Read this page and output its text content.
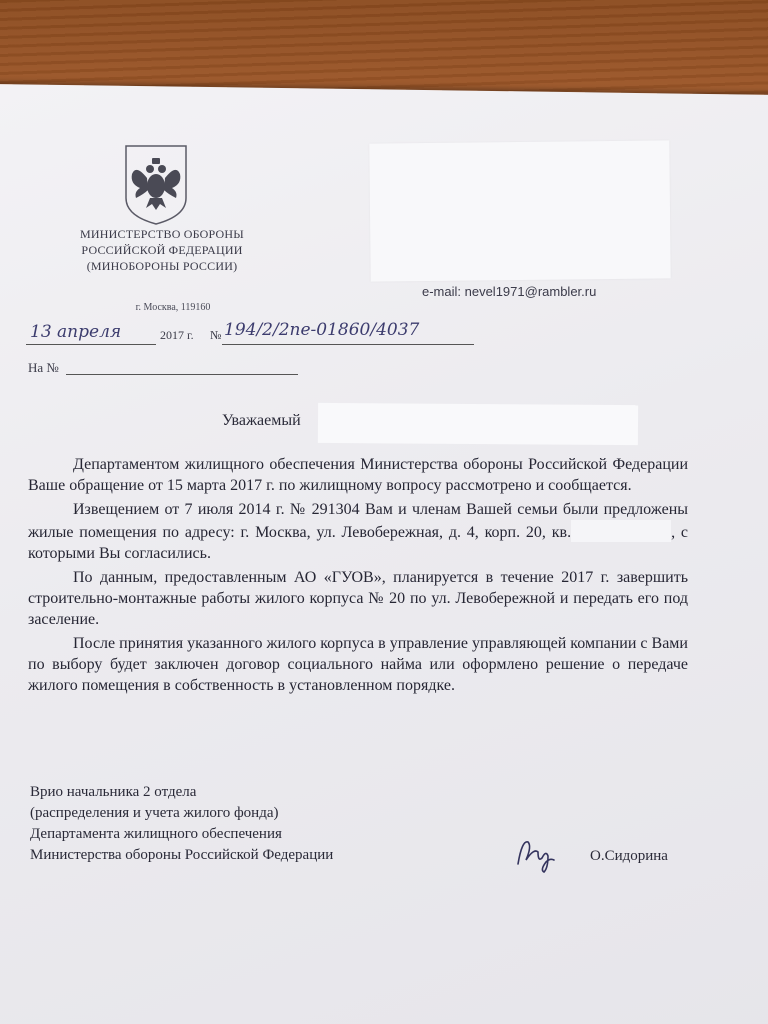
МИНИСТЕРСТВО ОБОРОНЫ
РОССИЙСКОЙ ФЕДЕРАЦИИ
(МИНОБОРОНЫ РОССИИ)
г. Москва, 119160
e-mail: nevel1971@rambler.ru
13 апреля	2017 г. № 194/2/2пе-01860/4037
На №
Уважаемый

Департаментом жилищного обеспечения Министерства обороны Российской Федерации Ваше обращение от 15 марта 2017 г. по жилищному вопросу рассмотрено и сообщается.

Извещением от 7 июля 2014 г. № 291304 Вам и членам Вашей семьи были предложены жилые помещения по адресу: г. Москва, ул. Левобережная, д. 4, корп. 20, кв.	, с которыми Вы согласились.

По данным, предоставленным АО «ГУОВ», планируется в течение 2017 г. завершить строительно-монтажные работы жилого корпуса № 20 по ул. Левобережной и передать его под заселение.

После принятия указанного жилого корпуса в управление управляющей компании с Вами по выбору будет заключен договор социального найма или оформлено решение о передаче жилого помещения в собственность в установленном порядке.

Врио начальника 2 отдела
(распределения и учета жилого фонда)
Департамента жилищного обеспечения
Министерства обороны Российской Федерации	О.Сидорина
